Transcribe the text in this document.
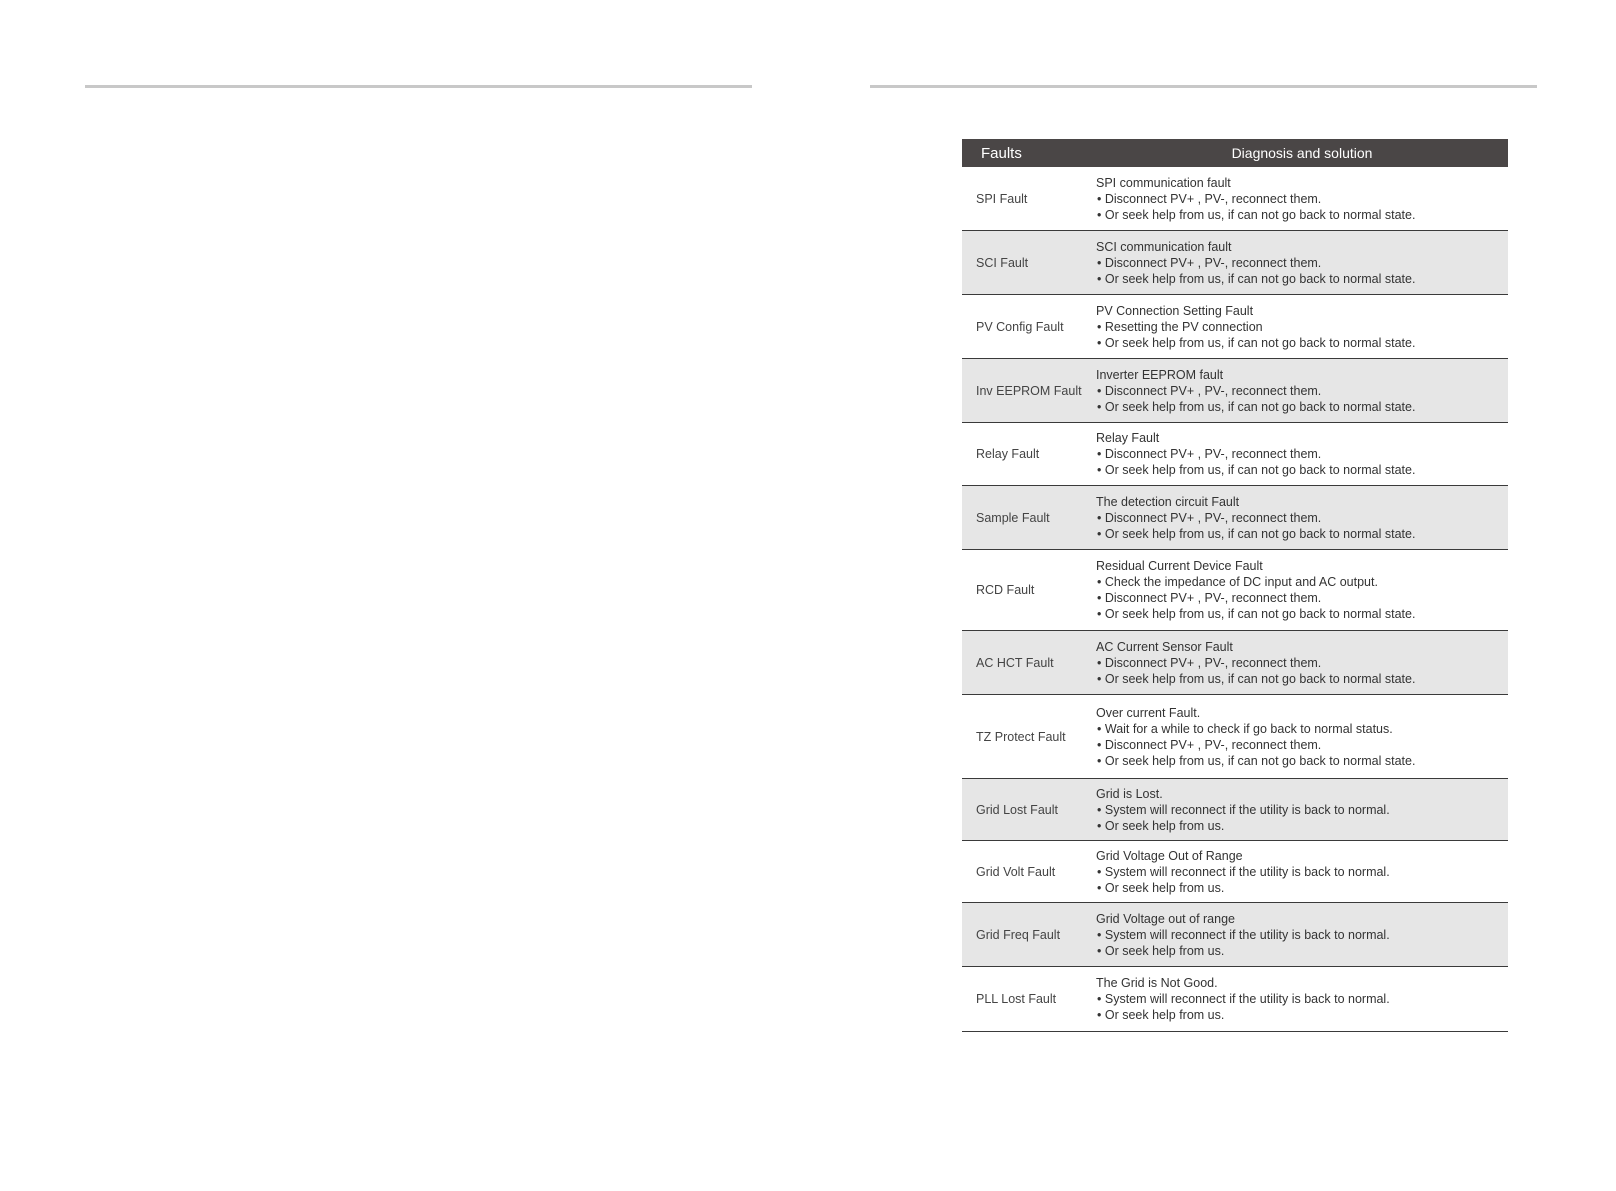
Faults	Diagnosis and solution
SPI Fault
SPI communication fault
• Disconnect PV+ , PV-, reconnect them.
• Or seek help from us, if can not go back to normal state.
SCI Fault
SCI communication fault
• Disconnect PV+ , PV-, reconnect them.
• Or seek help from us, if can not go back to normal state.
PV Config Fault
PV Connection Setting Fault
• Resetting the PV connection
• Or seek help from us, if can not go back to normal state.
Inv EEPROM Fault
Inverter EEPROM fault
• Disconnect PV+ , PV-, reconnect them.
• Or seek help from us, if can not go back to normal state.
Relay Fault
Relay Fault
• Disconnect PV+ , PV-, reconnect them.
• Or seek help from us, if can not go back to normal state.
Sample Fault
The detection circuit Fault
• Disconnect PV+ , PV-, reconnect them.
• Or seek help from us, if can not go back to normal state.
RCD Fault
Residual Current Device Fault
• Check the impedance of DC input and AC output.
• Disconnect PV+ , PV-, reconnect them.
• Or seek help from us, if can not go back to normal state.
AC HCT Fault
AC Current Sensor Fault
• Disconnect PV+ , PV-, reconnect them.
• Or seek help from us, if can not go back to normal state.
TZ Protect Fault
Over current Fault.
• Wait for a while to check if go back to normal status.
• Disconnect PV+ , PV-, reconnect them.
• Or seek help from us, if can not go back to normal state.
Grid Lost Fault
Grid is Lost.
• System will reconnect if the utility is back to normal.
• Or seek help from us.
Grid Volt Fault
Grid Voltage Out of Range
• System will reconnect if the utility is back to normal.
• Or seek help from us.
Grid Freq Fault
Grid Voltage out of range
• System will reconnect if the utility is back to normal.
• Or seek help from us.
PLL Lost Fault
The Grid is Not Good.
• System will reconnect if the utility is back to normal.
• Or seek help from us.
